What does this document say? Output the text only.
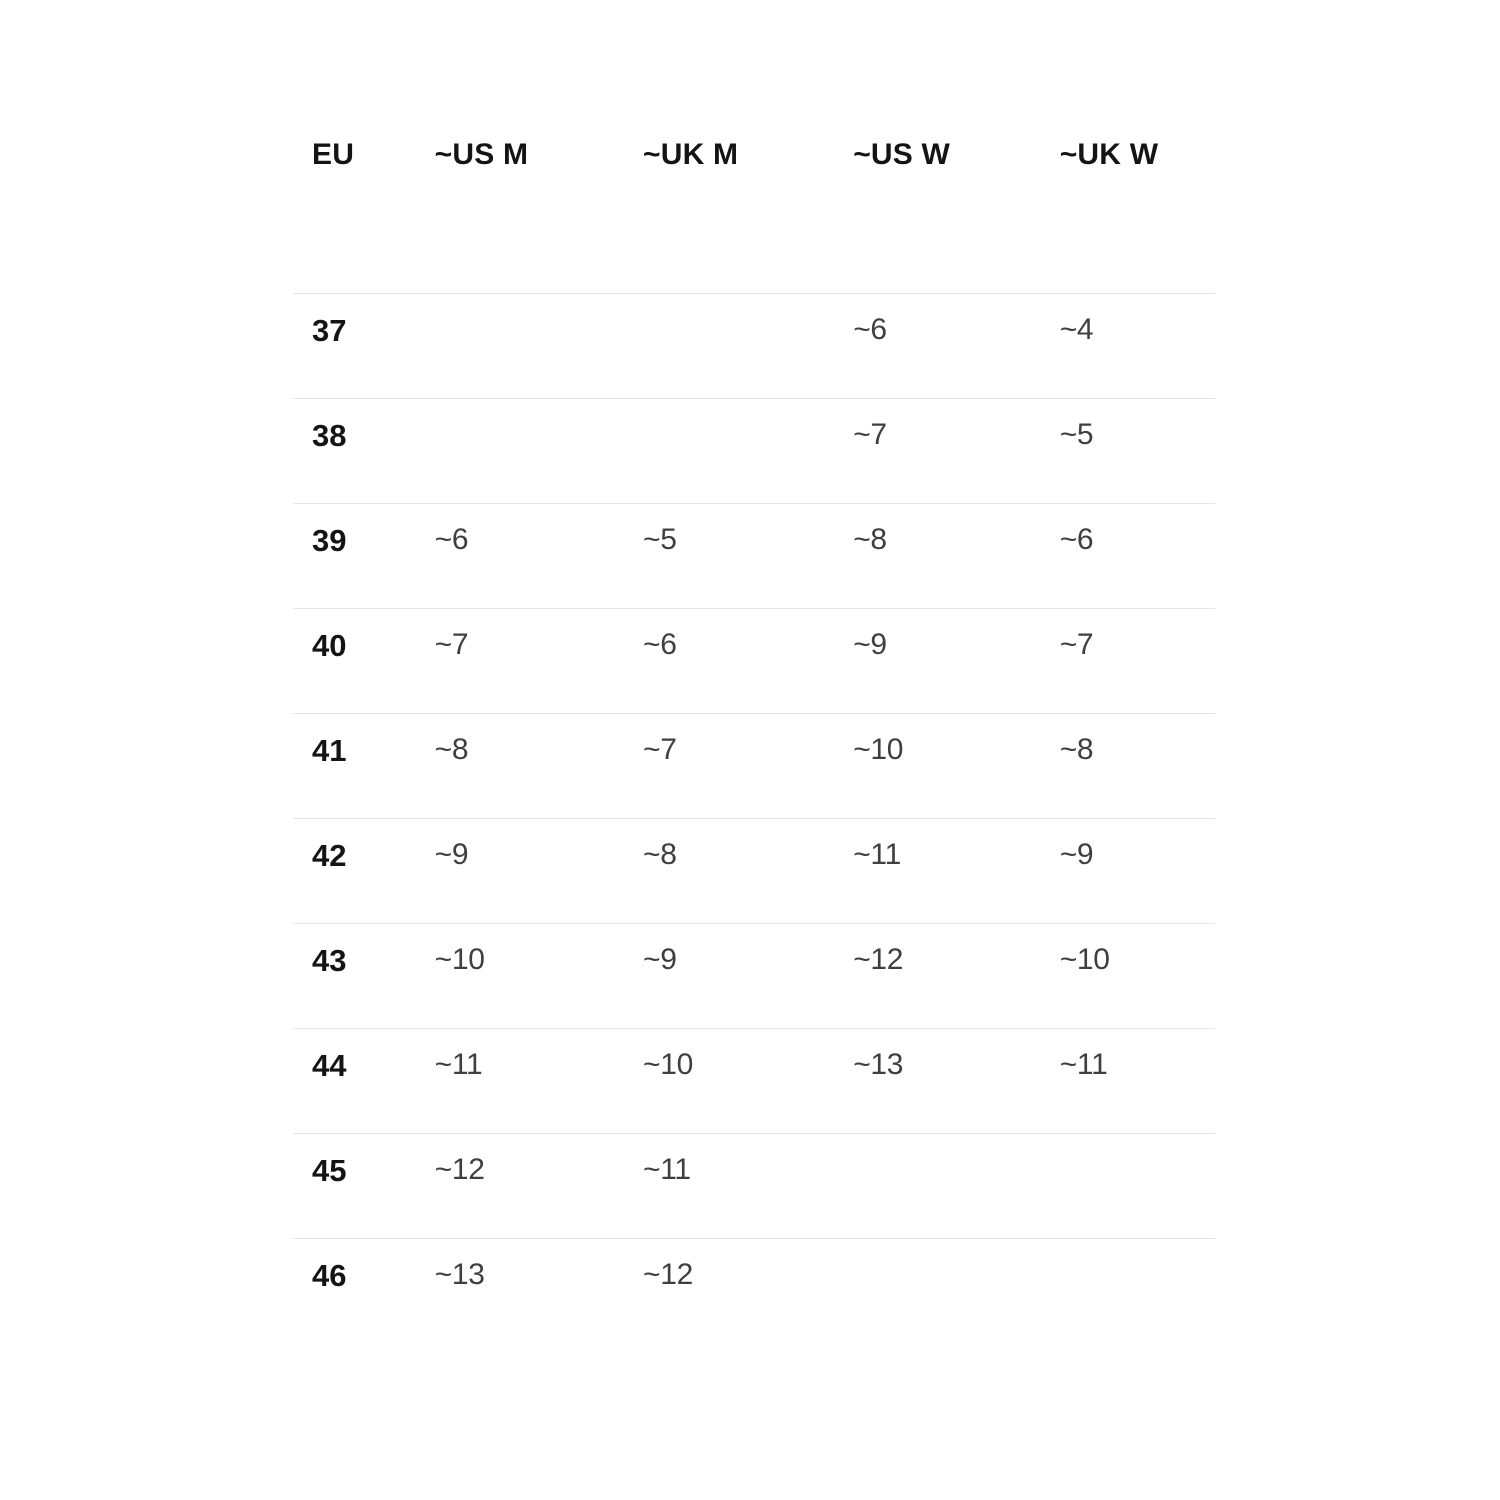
EU	~US M	~UK M	~US W	~UK W
37			~6	~4
38			~7	~5
39	~6	~5	~8	~6
40	~7	~6	~9	~7
41	~8	~7	~10	~8
42	~9	~8	~11	~9
43	~10	~9	~12	~10
44	~11	~10	~13	~11
45	~12	~11		
46	~13	~12		
